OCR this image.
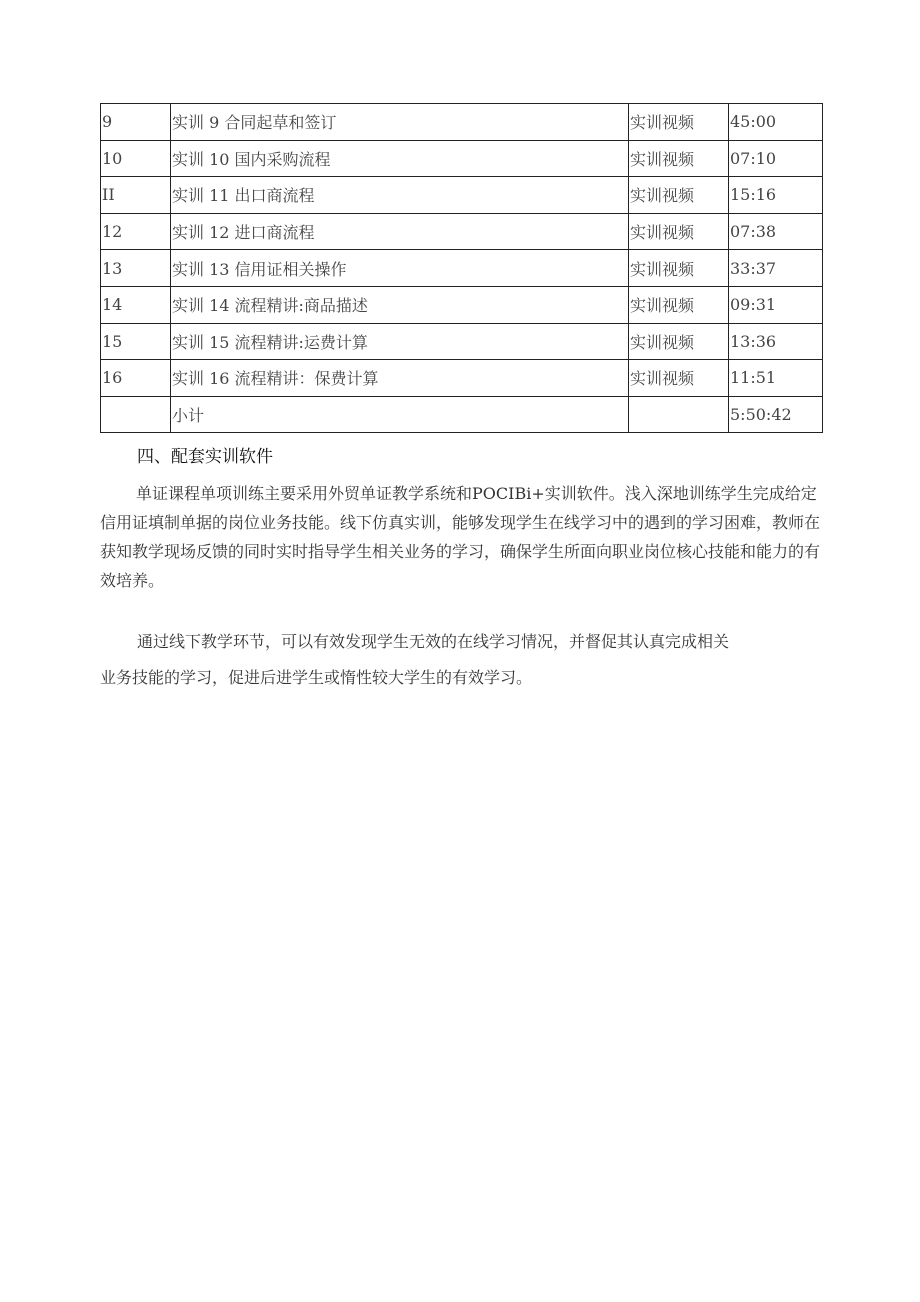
9	实训 9 合同起草和签订	实训视频	45:00
10	实训 10 国内采购流程	实训视频	07:10
II	实训 11 出口商流程	实训视频	15:16
12	实训 12 进口商流程	实训视频	07:38
13	实训 13 信用证相关操作	实训视频	33:37
14	实训 14 流程精讲:商品描述	实训视频	09:31
15	实训 15 流程精讲:运费计算	实训视频	13:36
16	实训 16 流程精讲：保费计算	实训视频	11:51
	小计		5:50:42
四、配套实训软件
单证课程单项训练主要采用外贸单证教学系统和POCIBi+实训软件。浅入深地训练学生完成给定信用证填制单据的岗位业务技能。线下仿真实训，能够发现学生在线学习中的遇到的学习困难，教师在获知教学现场反馈的同时实时指导学生相关业务的学习，确保学生所面向职业岗位核心技能和能力的有效培养。
通过线下教学环节，可以有效发现学生无效的在线学习情况，并督促其认真完成相关
业务技能的学习，促进后进学生或惰性较大学生的有效学习。
